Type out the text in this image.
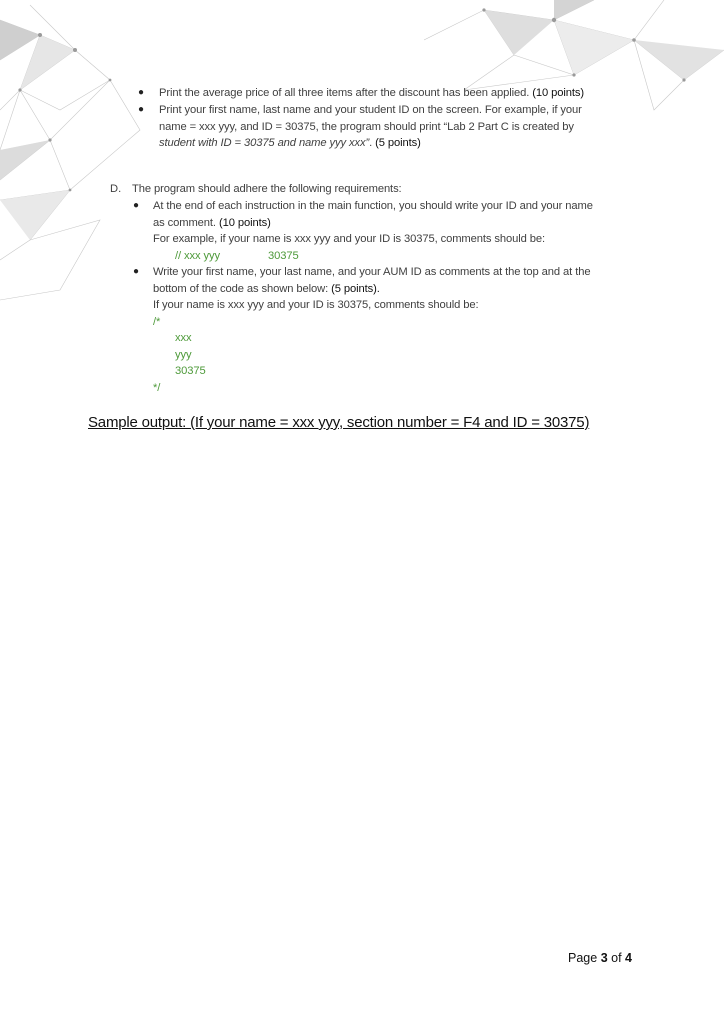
● Print the average price of all three items after the discount has been applied. (10 points)
● Print your first name, last name and your student ID on the screen. For example, if your
name = xxx yyy, and ID = 30375, the program should print “Lab 2 Part C is created by
student with ID = 30375 and name yyy xxx”. (5 points)
D. The program should adhere the following requirements:
● At the end of each instruction in the main function, you should write your ID and your name
as comment. (10 points)
For example, if your name is xxx yyy and your ID is 30375, comments should be:
// xxx yyy	30375
● Write your first name, your last name, and your AUM ID as comments at the top and at the
bottom of the code as shown below: (5 points).
If your name is xxx yyy and your ID is 30375, comments should be:
/*
xxx
yyy
30375
*/
Sample output: (If your name = xxx yyy, section number = F4 and ID = 30375)
Page 3 of 4
